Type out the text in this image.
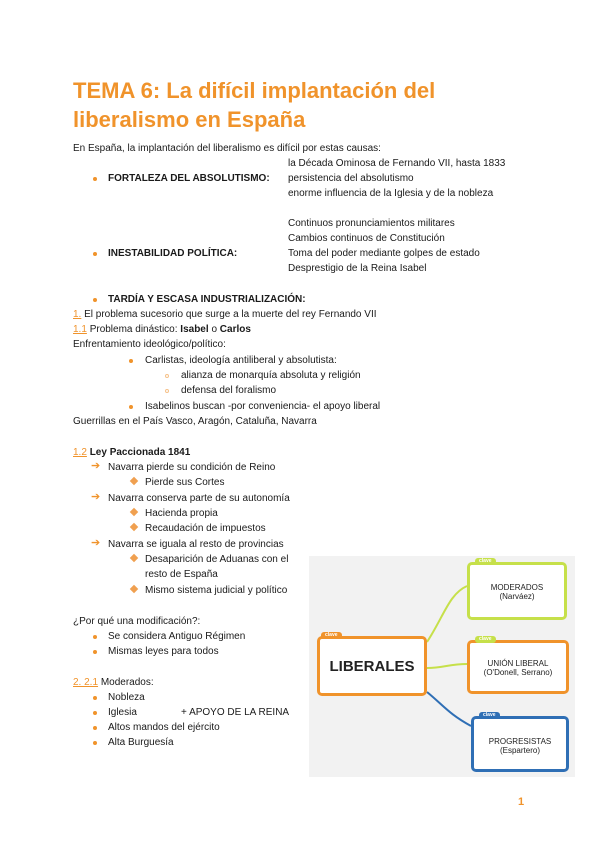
TEMA 6: La difícil implantación del liberalismo en España
En España, la implantación del liberalismo es difícil por estas causas:
la Década Ominosa de Fernando VII, hasta 1833
FORTALEZA DEL ABSOLUTISMO: persistencia del absolutismo
enorme influencia de la Iglesia y de la nobleza
Continuos pronunciamientos militares
Cambios continuos de Constitución
INESTABILIDAD POLÍTICA:	Toma del poder mediante golpes de estado
Desprestigio de la Reina Isabel
TARDÍA Y ESCASA INDUSTRIALIZACIÓN:
1. El problema sucesorio que surge a la muerte del rey Fernando VII
1.1 Problema dinástico: Isabel o Carlos
Enfrentamiento ideológico/político:
Carlistas, ideología antiliberal y absolutista:
alianza de monarquía absoluta y religión
defensa del foralismo
Isabelinos buscan -por conveniencia- el apoyo liberal
Guerrillas en el País Vasco, Aragón, Cataluña, Navarra
1.2 Ley Paccionada 1841
➔ Navarra pierde su condición de Reino
Pierde sus Cortes
➔ Navarra conserva parte de su autonomía
Hacienda propia
Recaudación de impuestos
➔ Navarra se iguala al resto de provincias
Desaparición de Aduanas con el
resto de España
Mismo sistema judicial y político
¿Por qué una modificación?:
Se considera Antiguo Régimen
Mismas leyes para todos
2. 2.1 Moderados:
Nobleza
Iglesia	+ APOYO DE LA REINA
Altos mandos del ejército
Alta Burguesía
LIBERALES
clave
MODERADOS
(Narváez)
clave
UNIÓN LIBERAL
(O'Donell, Serrano)
clave
PROGRESISTAS
(Espartero)
clave
1
